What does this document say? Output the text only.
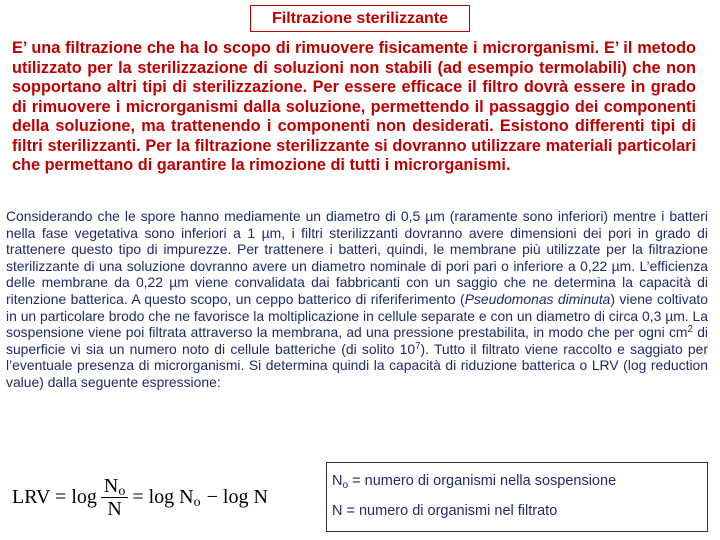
Filtrazione sterilizzante

E’ una filtrazione che ha lo scopo di rimuovere fisicamente i microrganismi. E’ il metodo utilizzato per la sterilizzazione di soluzioni non stabili (ad esempio termolabili) che non sopportano altri tipi di sterilizzazione. Per essere efficace il filtro dovrà essere in grado di rimuovere i microrganismi dalla soluzione, permettendo il passaggio dei componenti della soluzione, ma trattenendo i componenti non desiderati. Esistono differenti tipi di filtri sterilizzanti. Per la filtrazione sterilizzante si dovranno utilizzare materiali particolari che permettano di garantire la rimozione di tutti i microrganismi.

Considerando che le spore hanno mediamente un diametro di 0,5 µm (raramente sono inferiori) mentre i batteri nella fase vegetativa sono inferiori a 1 µm, i filtri sterilizzanti dovranno avere dimensioni dei pori in grado di trattenere questo tipo di impurezze. Per trattenere i batteri, quindi, le membrane più utilizzate per la filtrazione sterilizzante di una soluzione dovranno avere un diametro nominale di pori pari o inferiore a 0,22 µm. L’efficienza delle membrane da 0,22 µm viene convalidata dai fabbricanti con un saggio che ne determina la capacità di ritenzione batterica. A questo scopo, un ceppo batterico di riferiferimento (Pseudomonas diminuta) viene coltivato in un particolare brodo che ne favorisce la moltiplicazione in cellule separate e con un diametro di circa 0,3 µm. La sospensione viene poi filtrata attraverso la membrana, ad una pressione prestabilita, in modo che per ogni $cm^2$ di superficie vi sia un numero noto di cellule batteriche (di solito $10^7$). Tutto il filtrato viene raccolto e saggiato per l’eventuale presenza di microrganismi. Si determina quindi la capacità di riduzione batterica o LRV (log reduction value) dalla seguente espressione:

LRV = $\log \frac{N_o}{N} = \log N_o - \log N$
$N_o$ = numero di organismi nella sospensione
N = numero di organismi nel filtrato
